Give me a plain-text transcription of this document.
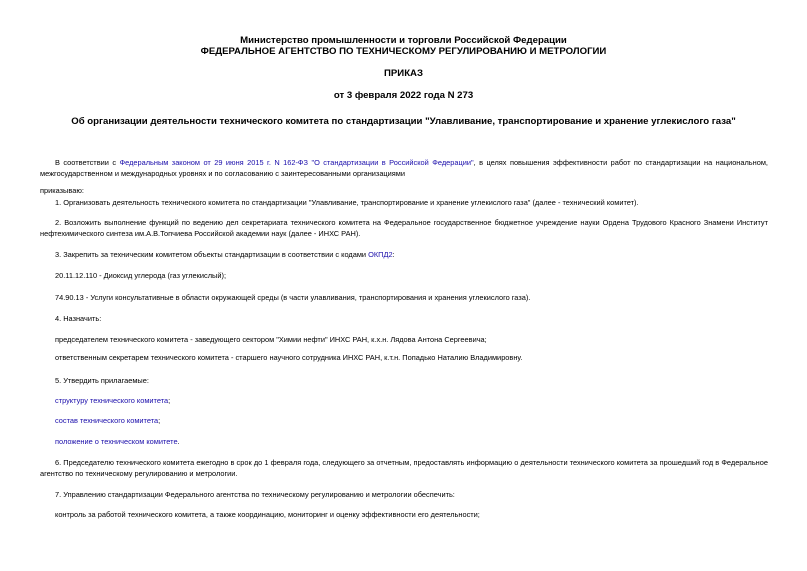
Министерство промышленности и торговли Российской Федерации
ФЕДЕРАЛЬНОЕ АГЕНТСТВО ПО ТЕХНИЧЕСКОМУ РЕГУЛИРОВАНИЮ И МЕТРОЛОГИИ
ПРИКАЗ
от 3 февраля 2022 года N 273
Об организации деятельности технического комитета по стандартизации "Улавливание, транспортирование и хранение углекислого газа"
В соответствии с Федеральным законом от 29 июня 2015 г. N 162-ФЗ "О стандартизации в Российской Федерации", в целях повышения эффективности работ по стандартизации на национальном,
межгосударственном и международных уровнях и по согласованию с заинтересованными организациями
приказываю:
1. Организовать деятельность технического комитета по стандартизации "Улавливание, транспортирование и хранение углекислого газа" (далее - технический комитет).
2. Возложить выполнение функций по ведению дел секретариата технического комитета на Федеральное государственное бюджетное учреждение науки Ордена Трудового Красного Знамени Институт
нефтехимического синтеза им.А.В.Топчиева Российской академии наук (далее - ИНХС РАН).
3. Закрепить за техническим комитетом объекты стандартизации в соответствии с кодами ОКПД2:
20.11.12.110 - Диоксид углерода (газ углекислый);
74.90.13 - Услуги консультативные в области окружающей среды (в части улавливания, транспортирования и хранения углекислого газа).
4. Назначить:
председателем технического комитета - заведующего сектором "Химии нефти" ИНХС РАН, к.х.н. Лядова Антона Сергеевича;
ответственным секретарем технического комитета - старшего научного сотрудника ИНХС РАН, к.т.н. Попадько Наталию Владимировну.
5. Утвердить прилагаемые:
структуру технического комитета;
состав технического комитета;
положение о техническом комитете.
6. Председателю технического комитета ежегодно в срок до 1 февраля года, следующего за отчетным, предоставлять информацию о деятельности технического комитета за прошедший год в Федеральное
агентство по техническому регулированию и метрологии.
7. Управлению стандартизации Федерального агентства по техническому регулированию и метрологии обеспечить:
контроль за работой технического комитета, а также координацию, мониторинг и оценку эффективности его деятельности;
